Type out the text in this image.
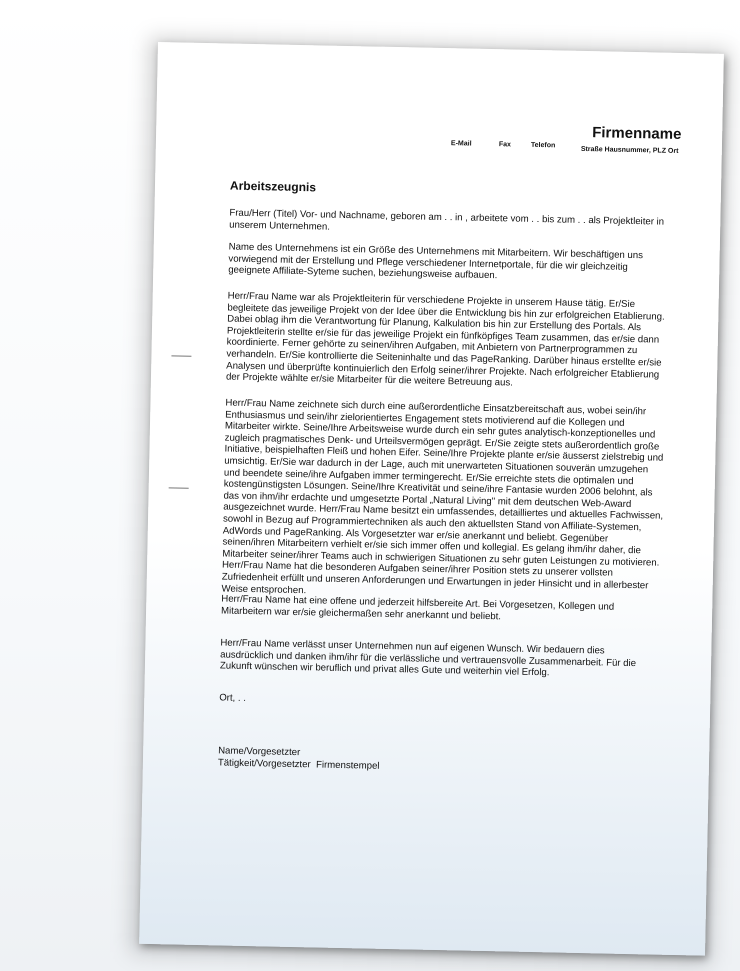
Firmenname
E-Mail	Fax	Telefon
Straße Hausnummer, PLZ Ort
Arbeitszeugnis

Frau/Herr (Titel) Vor- und Nachname, geboren am . . in , arbeitete vom . . bis zum . . als Projektleiter in unserem Unternehmen.

Name des Unternehmens ist ein Größe des Unternehmens mit Mitarbeitern. Wir beschäftigen uns vorwiegend mit der Erstellung und Pflege verschiedener Internetportale, für die wir gleichzeitig geeignete Affiliate-Syteme suchen, beziehungsweise aufbauen.

Herr/Frau Name war als Projektleiterin für verschiedene Projekte in unserem Hause tätig. Er/Sie begleitete das jeweilige Projekt von der Idee über die Entwicklung bis hin zur erfolgreichen Etablierung. Dabei oblag ihm die Verantwortung für Planung, Kalkulation bis hin zur Erstellung des Portals. Als Projektleiterin stellte er/sie für das jeweilige Projekt ein fünfköpfiges Team zusammen, das er/sie dann koordinierte. Ferner gehörte zu seinen/ihren Aufgaben, mit Anbietern von Partnerprogrammen zu verhandeln. Er/Sie kontrollierte die Seiteninhalte und das PageRanking. Darüber hinaus erstellte er/sie Analysen und überprüfte kontinuierlich den Erfolg seiner/ihrer Projekte. Nach erfolgreicher Etablierung der Projekte wählte er/sie Mitarbeiter für die weitere Betreuung aus.

Herr/Frau Name zeichnete sich durch eine außerordentliche Einsatzbereitschaft aus, wobei sein/ihr Enthusiasmus und sein/ihr zielorientiertes Engagement stets motivierend auf die Kollegen und Mitarbeiter wirkte. Seine/Ihre Arbeitsweise wurde durch ein sehr gutes analytisch-konzeptionelles und zugleich pragmatisches Denk- und Urteilsvermögen geprägt. Er/Sie zeigte stets außerordentlich große Initiative, beispielhaften Fleiß und hohen Eifer. Seine/Ihre Projekte plante er/sie äusserst zielstrebig und umsichtig. Er/Sie war dadurch in der Lage, auch mit unerwarteten Situationen souverän umzugehen und beendete seine/ihre Aufgaben immer termingerecht. Er/Sie erreichte stets die optimalen und kostengünstigsten Lösungen. Seine/Ihre Kreativität und seine/ihre Fantasie wurden 2006 belohnt, als das von ihm/ihr erdachte und umgesetzte Portal „Natural Living" mit dem deutschen Web-Award ausgezeichnet wurde. Herr/Frau Name besitzt ein umfassendes, detailliertes und aktuelles Fachwissen, sowohl in Bezug auf Programmiertechniken als auch den aktuellsten Stand von Affiliate-Systemen, AdWords und PageRanking. Als Vorgesetzter war er/sie anerkannt und beliebt. Gegenüber seinen/ihren Mitarbeitern verhielt er/sie sich immer offen und kollegial. Es gelang ihm/ihr daher, die Mitarbeiter seiner/ihrer Teams auch in schwierigen Situationen zu sehr guten Leistungen zu motivieren. Herr/Frau Name hat die besonderen Aufgaben seiner/ihrer Position stets zu unserer vollsten Zufriedenheit erfüllt und unseren Anforderungen und Erwartungen in jeder Hinsicht und in allerbester Weise entsprochen.

Herr/Frau Name hat eine offene und jederzeit hilfsbereite Art. Bei Vorgesetzen, Kollegen und Mitarbeitern war er/sie gleichermaßen sehr anerkannt und beliebt.

Herr/Frau Name verlässt unser Unternehmen nun auf eigenen Wunsch. Wir bedauern dies ausdrücklich und danken ihm/ihr für die verlässliche und vertrauensvolle Zusammenarbeit. Für die Zukunft wünschen wir beruflich und privat alles Gute und weiterhin viel Erfolg.

Ort, . .

Name/Vorgesetzter
Tätigkeit/Vorgesetzter Firmenstempel
